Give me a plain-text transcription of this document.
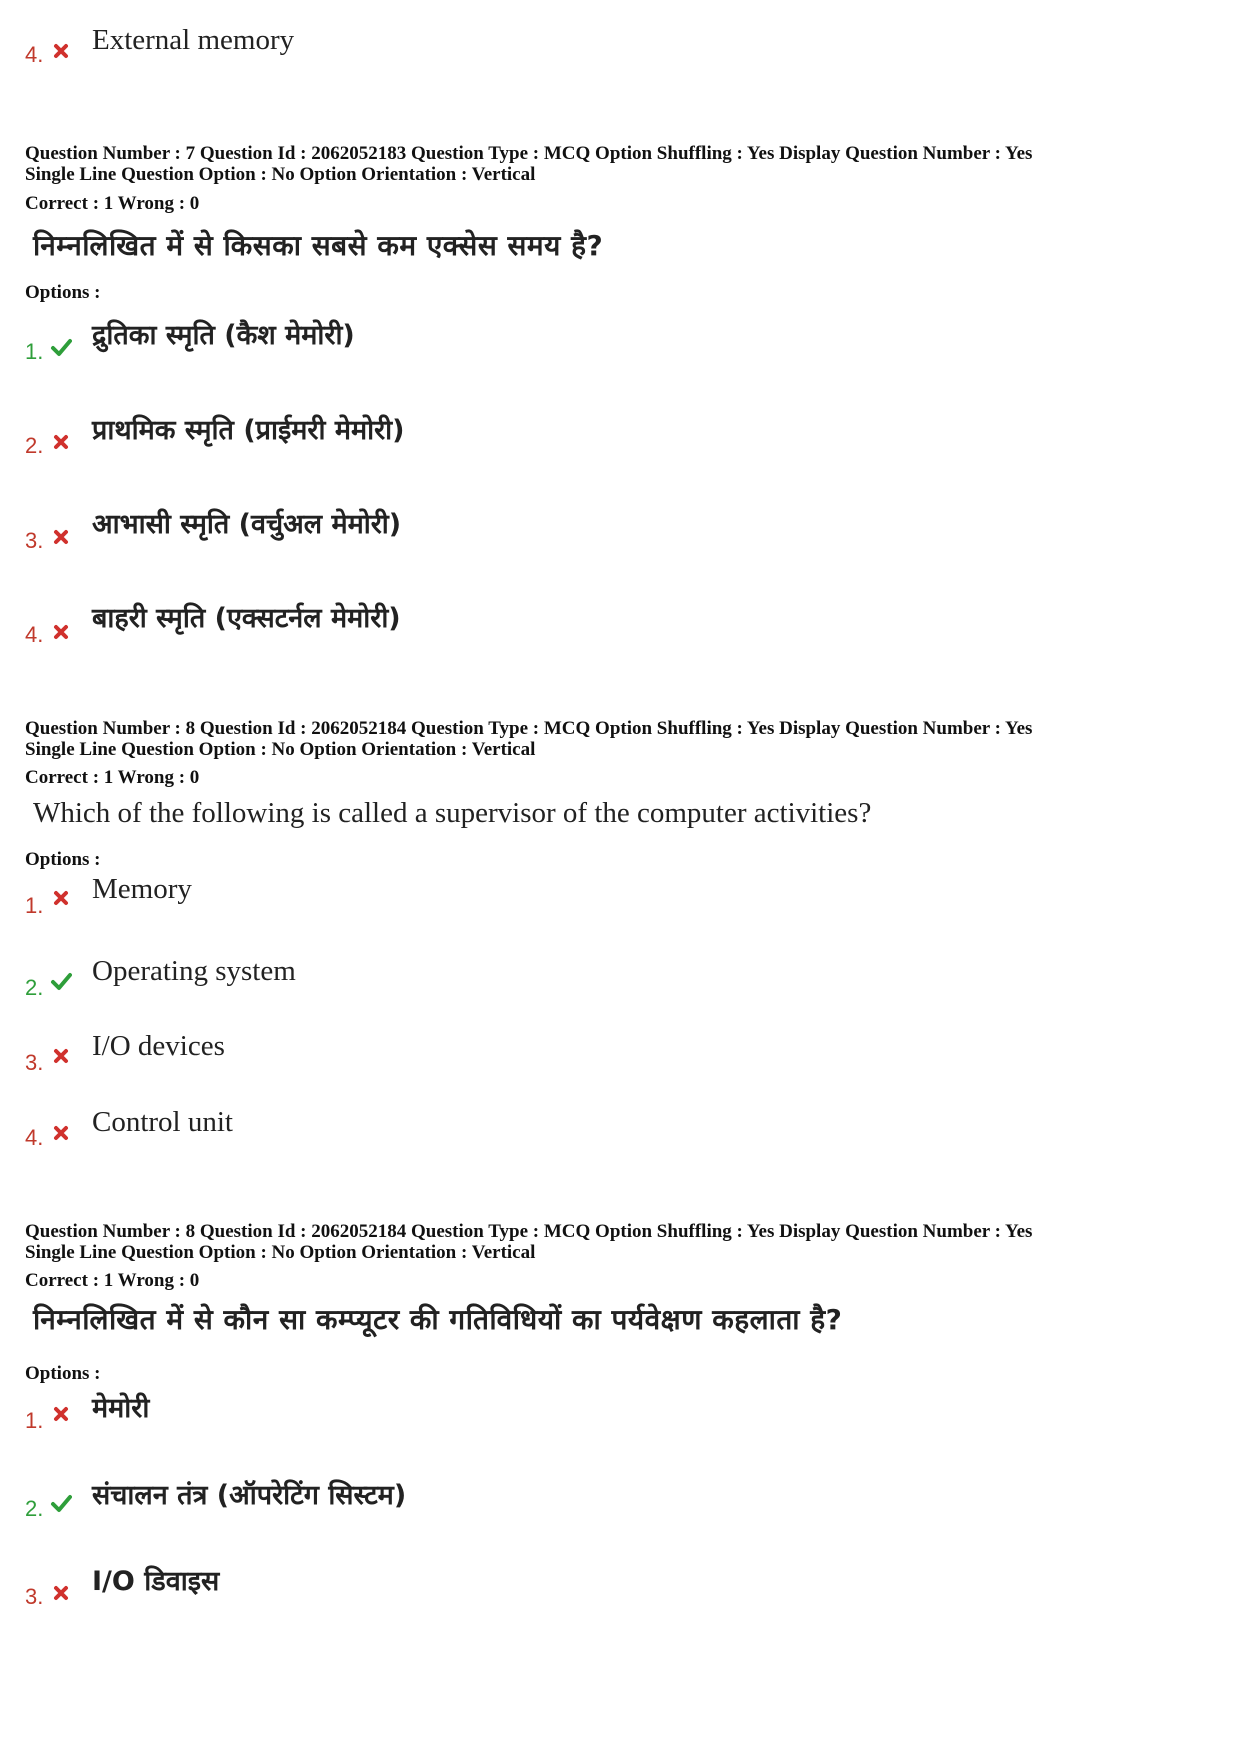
4. External memory
Question Number : 7 Question Id : 2062052183 Question Type : MCQ Option Shuffling : Yes Display Question Number : Yes
Single Line Question Option : No Option Orientation : Vertical
Correct : 1 Wrong : 0
निम्नलिखित में से किसका सबसे कम एक्सेस समय है?
Options :
1.
द्रुतिका स्मृति (कैश मेमोरी)
2. प्राथमिक स्मृति (प्राईमरी मेमोरी)
3.
आभासी स्मृति (वर्चुअल मेमोरी)
4.
बाहरी स्मृति (एक्सटर्नल मेमोरी)
Question Number : 8 Question Id : 2062052184 Question Type : MCQ Option Shuffling : Yes Display Question Number : Yes
Single Line Question Option : No Option Orientation : Vertical
Correct : 1 Wrong : 0
Which of the following is called a supervisor of the computer activities?
Options :
1.
Memory
2.
Operating system
3.
I/O devices
4. Control unit
Question Number : 8 Question Id : 2062052184 Question Type : MCQ Option Shuffling : Yes Display Question Number : Yes
Single Line Question Option : No Option Orientation : Vertical
Correct : 1 Wrong : 0
निम्नलिखित में से कौन सा कम्प्यूटर की गतिविधियों का पर्यवेक्षण कहलाता है?
Options :
1. मेमोरी
2. संचालन तंत्र (ऑपरेटिंग सिस्टम)
3. I/O डिवाइस
